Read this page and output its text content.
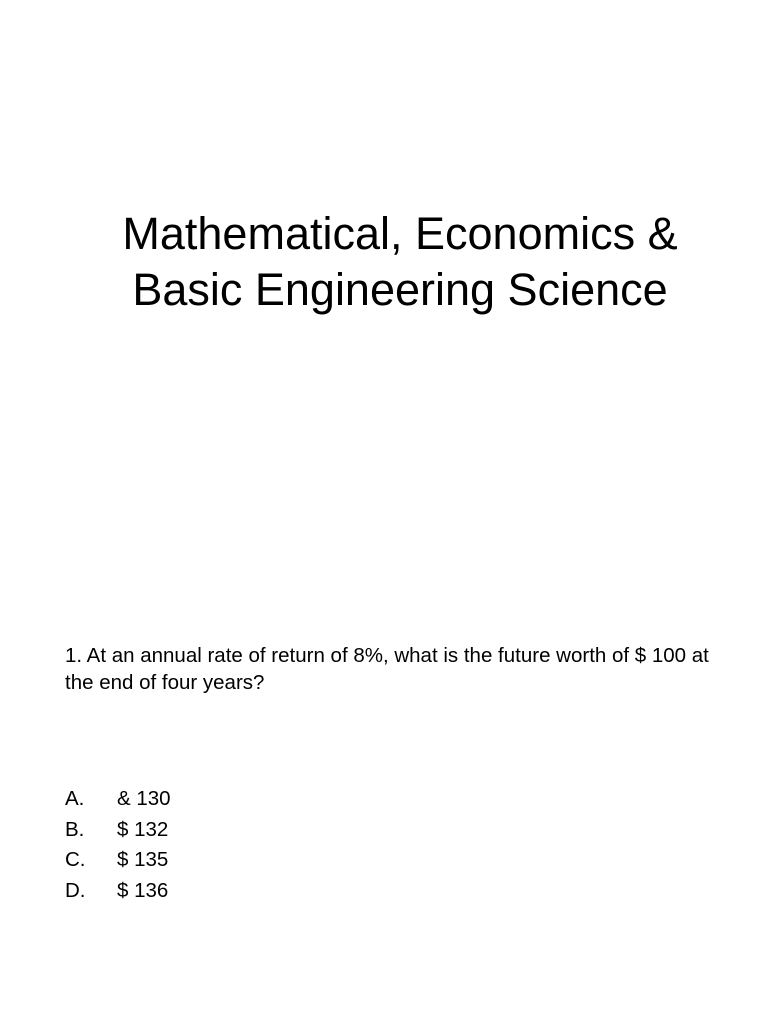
Mathematical, Economics &
Basic Engineering Science

1. At an annual rate of return of 8%, what is the future worth of $ 100 at the end of four years?

A. & 130
B. $ 132
C. $ 135
D. $ 136
